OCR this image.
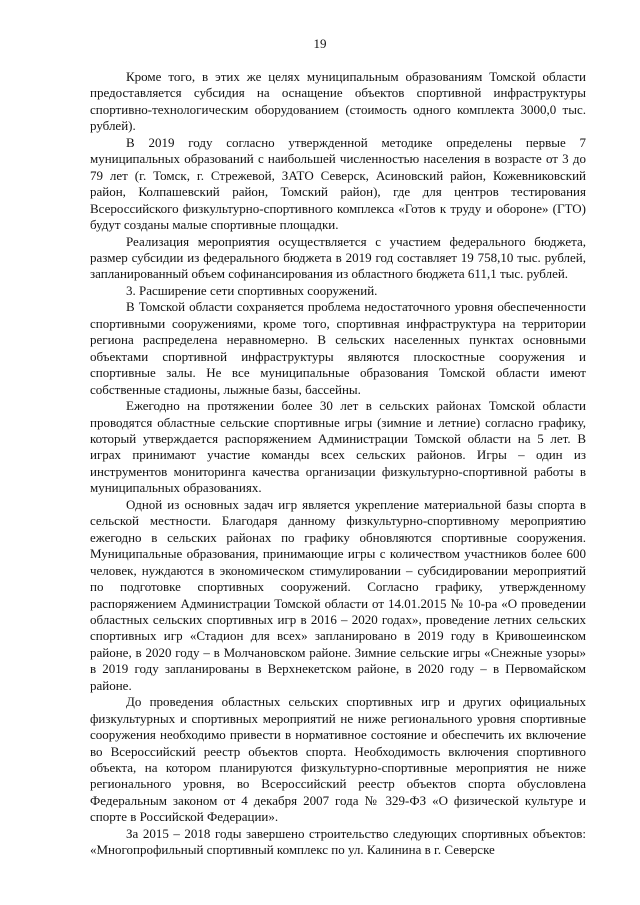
19

Кроме того, в этих же целях муниципальным образованиям Томской области предоставляется субсидия на оснащение объектов спортивной инфраструктуры спортивно-технологическим оборудованием (стоимость одного комплекта 3000,0 тыс. рублей).

В 2019 году согласно утвержденной методике определены первые 7 муниципальных образований с наибольшей численностью населения в возрасте от 3 до 79 лет (г. Томск, г. Стрежевой, ЗАТО Северск, Асиновский район, Кожевниковский район, Колпашевский район, Томский район), где для центров тестирования Всероссийского физкультурно-спортивного комплекса «Готов к труду и обороне» (ГТО) будут созданы малые спортивные площадки.

Реализация мероприятия осуществляется с участием федерального бюджета, размер субсидии из федерального бюджета в 2019 год составляет 19 758,10 тыс. рублей, запланированный объем софинансирования из областного бюджета 611,1 тыс. рублей.

3. Расширение сети спортивных сооружений.

В Томской области сохраняется проблема недостаточного уровня обеспеченности спортивными сооружениями, кроме того, спортивная инфраструктура на территории региона распределена неравномерно. В сельских населенных пунктах основными объектами спортивной инфраструктуры являются плоскостные сооружения и спортивные залы. Не все муниципальные образования Томской области имеют собственные стадионы, лыжные базы, бассейны.

Ежегодно на протяжении более 30 лет в сельских районах Томской области проводятся областные сельские спортивные игры (зимние и летние) согласно графику, который утверждается распоряжением Администрации Томской области на 5 лет. В играх принимают участие команды всех сельских районов. Игры – один из инструментов мониторинга качества организации физкультурно-спортивной работы в муниципальных образованиях.

Одной из основных задач игр является укрепление материальной базы спорта в сельской местности. Благодаря данному физкультурно-спортивному мероприятию ежегодно в сельских районах по графику обновляются спортивные сооружения. Муниципальные образования, принимающие игры с количеством участников более 600 человек, нуждаются в экономическом стимулировании – субсидировании мероприятий по подготовке спортивных сооружений. Согласно графику, утвержденному распоряжением Администрации Томской области от 14.01.2015 № 10-ра «О проведении областных сельских спортивных игр в 2016 – 2020 годах», проведение летних сельских спортивных игр «Стадион для всех» запланировано в 2019 году в Кривошеинском районе, в 2020 году – в Молчановском районе. Зимние сельские игры «Снежные узоры» в 2019 году запланированы в Верхнекетском районе, в 2020 году – в Первомайском районе.

До проведения областных сельских спортивных игр и других официальных физкультурных и спортивных мероприятий не ниже регионального уровня спортивные сооружения необходимо привести в нормативное состояние и обеспечить их включение во Всероссийский реестр объектов спорта. Необходимость включения спортивного объекта, на котором планируются физкультурно-спортивные мероприятия не ниже регионального уровня, во Всероссийский реестр объектов спорта обусловлена Федеральным законом от 4 декабря 2007 года № 329-ФЗ «О физической культуре и спорте в Российской Федерации».

За 2015 – 2018 годы завершено строительство следующих спортивных объектов: «Многопрофильный спортивный комплекс по ул. Калинина в г. Северске
